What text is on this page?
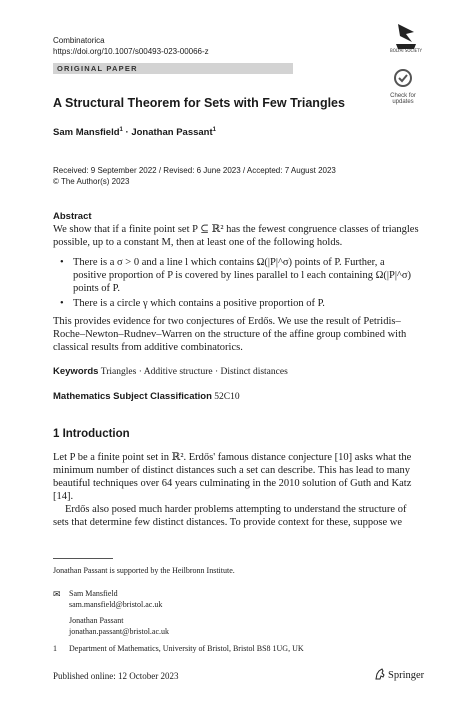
Combinatorica
https://doi.org/10.1007/s00493-023-00066-z
ORIGINAL PAPER
BOLYAI SOCIETY
Check for
updates
A Structural Theorem for Sets with Few Triangles
Sam Mansfield$^1$ · Jonathan Passant$^1$
Received: 9 September 2022 / Revised: 6 June 2023 / Accepted: 7 August 2023
© The Author(s) 2023
Abstract

We show that if a finite point set P ⊆ ℝ² has the fewest congruence classes of triangles possible, up to a constant M, then at least one of the following holds.

• There is a σ > 0 and a line l which contains Ω(|P|^σ) points of P. Further, a positive proportion of P is covered by lines parallel to l each containing Ω(|P|^σ) points of P.
• There is a circle γ which contains a positive proportion of P.

This provides evidence for two conjectures of Erdős. We use the result of Petridis–Roche–Newton–Rudnev–Warren on the structure of the affine group combined with classical results from additive combinatorics.

Keywords Triangles · Additive structure · Distinct distances
Mathematics Subject Classification 52C10
1 Introduction

Let P be a finite point set in ℝ². Erdős' famous distance conjecture [10] asks what the minimum number of distinct distances such a set can describe. This has lead to many beautiful techniques over 64 years culminating in the 2010 solution of Guth and Katz [14].

Erdős also posed much harder problems attempting to understand the structure of sets that determine few distinct distances. To provide context for these, suppose we

Jonathan Passant is supported by the Heilbronn Institute.
✉ Sam Mansfield
sam.mansfield@bristol.ac.uk
Jonathan Passant
jonathan.passant@bristol.ac.uk
1 Department of Mathematics, University of Bristol, Bristol BS8 1UG, UK
Published online: 12 October 2023	Springer
